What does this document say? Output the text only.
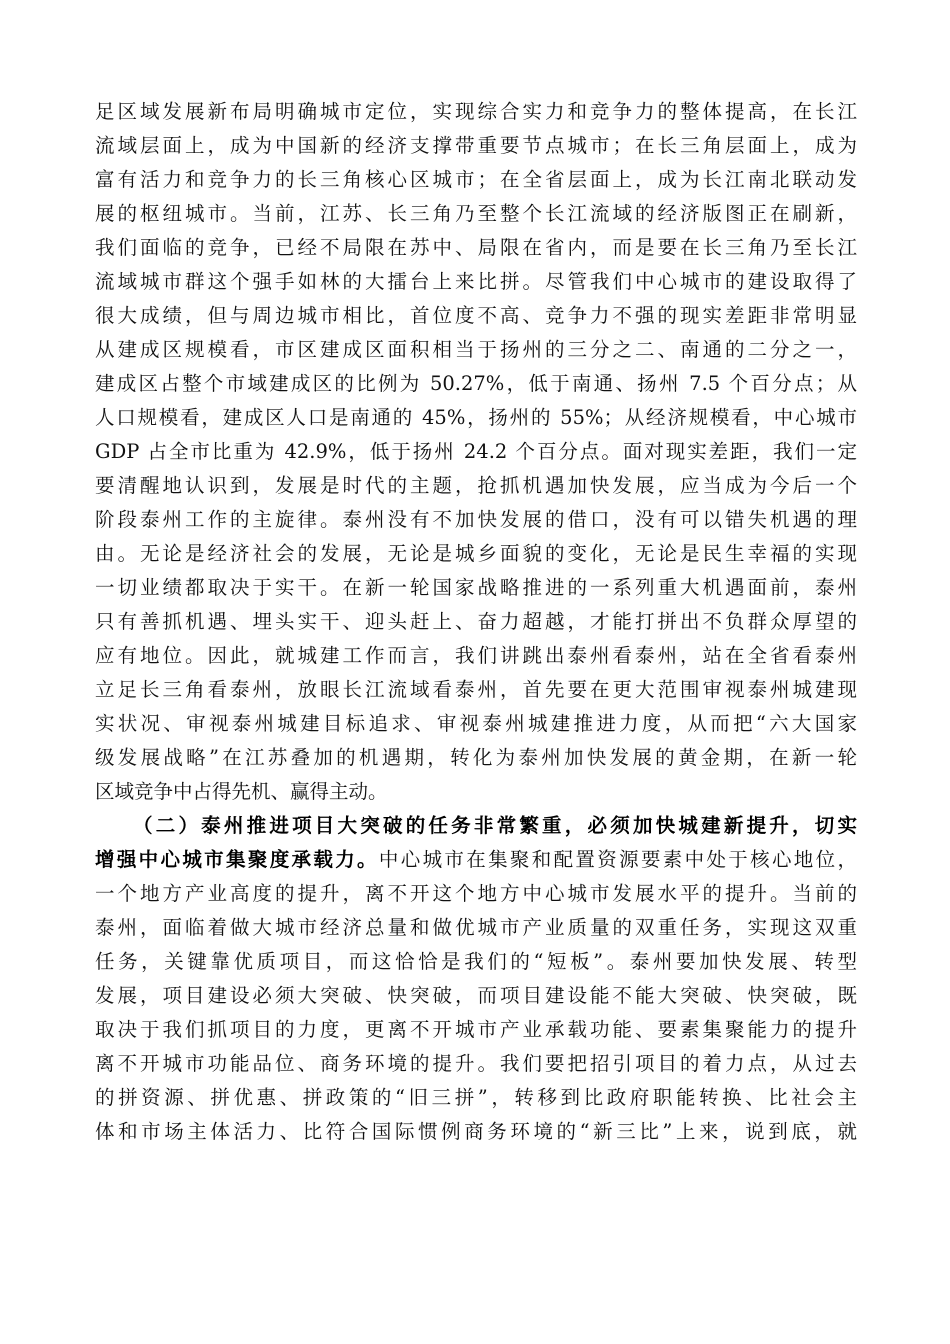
足区域发展新布局明确城市定位，实现综合实力和竞争力的整体提高，在长江
流域层面上，成为中国新的经济支撑带重要节点城市；在长三角层面上，成为
富有活力和竞争力的长三角核心区城市；在全省层面上，成为长江南北联动发
展的枢纽城市。当前，江苏、长三角乃至整个长江流域的经济版图正在刷新，
我们面临的竞争，已经不局限在苏中、局限在省内，而是要在长三角乃至长江
流域城市群这个强手如林的大擂台上来比拼。尽管我们中心城市的建设取得了
很大成绩，但与周边城市相比，首位度不高、竞争力不强的现实差距非常明显
从建成区规模看，市区建成区面积相当于扬州的三分之二、南通的二分之一，
建成区占整个市域建成区的比例为 50.27%，低于南通、扬州 7.5 个百分点；从
人口规模看，建成区人口是南通的 45%，扬州的 55%；从经济规模看，中心城市
GDP 占全市比重为 42.9%，低于扬州 24.2 个百分点。面对现实差距，我们一定
要清醒地认识到，发展是时代的主题，抢抓机遇加快发展，应当成为今后一个
阶段泰州工作的主旋律。泰州没有不加快发展的借口，没有可以错失机遇的理
由。无论是经济社会的发展，无论是城乡面貌的变化，无论是民生幸福的实现
一切业绩都取决于实干。在新一轮国家战略推进的一系列重大机遇面前，泰州
只有善抓机遇、埋头实干、迎头赶上、奋力超越，才能打拼出不负群众厚望的
应有地位。因此，就城建工作而言，我们讲跳出泰州看泰州，站在全省看泰州
立足长三角看泰州，放眼长江流域看泰州，首先要在更大范围审视泰州城建现
实状况、审视泰州城建目标追求、审视泰州城建推进力度，从而把“六大国家
级发展战略”在江苏叠加的机遇期，转化为泰州加快发展的黄金期，在新一轮
区域竞争中占得先机、赢得主动。
（二）泰州推进项目大突破的任务非常繁重，必须加快城建新提升，切实
增强中心城市集聚度承载力。中心城市在集聚和配置资源要素中处于核心地位，
一个地方产业高度的提升，离不开这个地方中心城市发展水平的提升。当前的
泰州，面临着做大城市经济总量和做优城市产业质量的双重任务，实现这双重
任务，关键靠优质项目，而这恰恰是我们的“短板”。泰州要加快发展、转型
发展，项目建设必须大突破、快突破，而项目建设能不能大突破、快突破，既
取决于我们抓项目的力度，更离不开城市产业承载功能、要素集聚能力的提升
离不开城市功能品位、商务环境的提升。我们要把招引项目的着力点，从过去
的拼资源、拼优惠、拼政策的“旧三拼”，转移到比政府职能转换、比社会主
体和市场主体活力、比符合国际惯例商务环境的“新三比”上来，说到底，就
